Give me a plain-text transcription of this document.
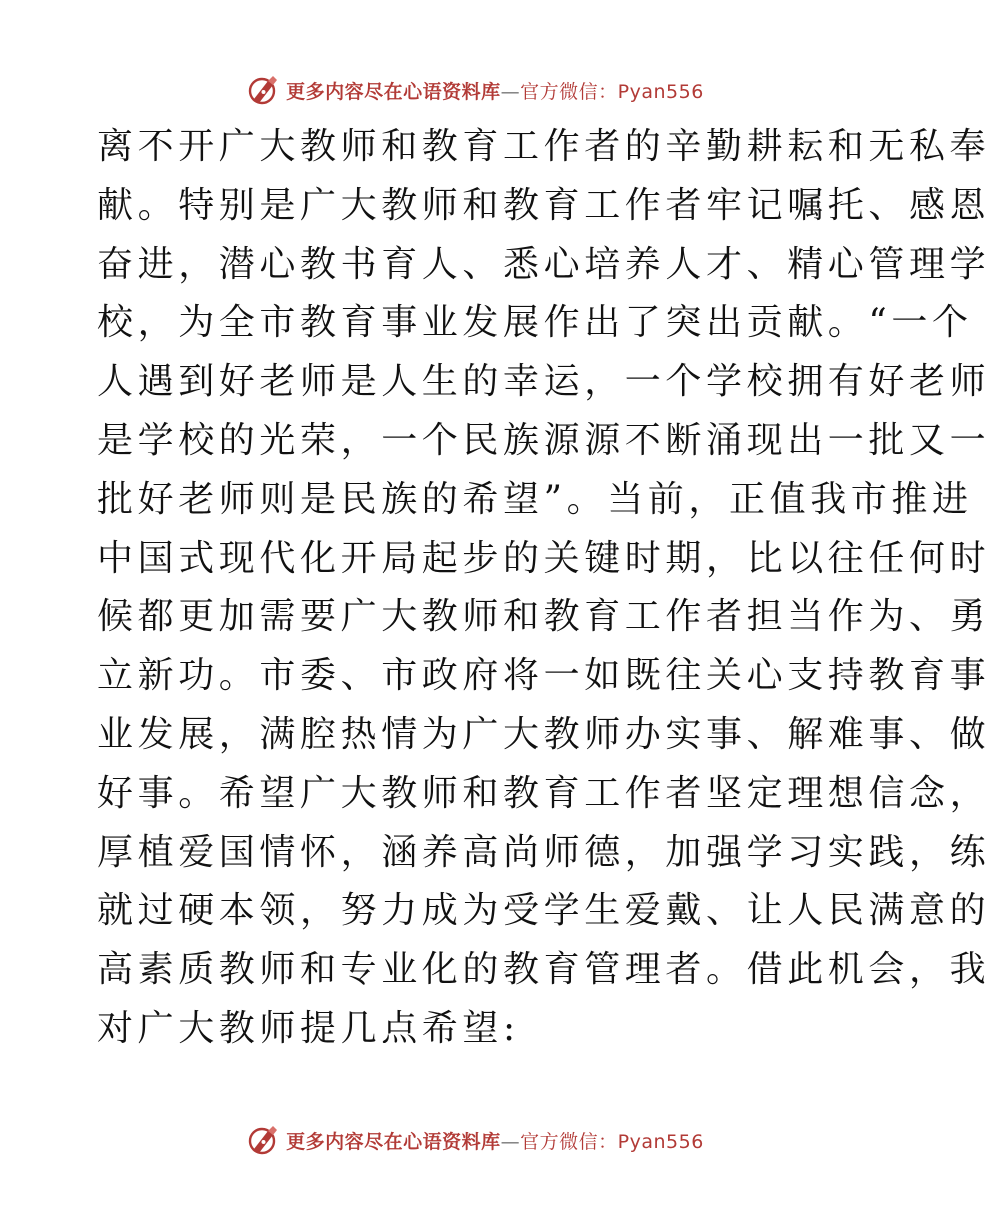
更多内容尽在心语资料库—官方微信：Pyan556
离不开广大教师和教育工作者的辛勤耕耘和无私奉
献。特别是广大教师和教育工作者牢记嘱托、感恩
奋进，潜心教书育人、悉心培养人才、精心管理学
校，为全市教育事业发展作出了突出贡献。“一个
人遇到好老师是人生的幸运，一个学校拥有好老师
是学校的光荣，一个民族源源不断涌现出一批又一
批好老师则是民族的希望”。当前，正值我市推进
中国式现代化开局起步的关键时期，比以往任何时
候都更加需要广大教师和教育工作者担当作为、勇
立新功。市委、市政府将一如既往关心支持教育事
业发展，满腔热情为广大教师办实事、解难事、做
好事。希望广大教师和教育工作者坚定理想信念，
厚植爱国情怀，涵养高尚师德，加强学习实践，练
就过硬本领，努力成为受学生爱戴、让人民满意的
高素质教师和专业化的教育管理者。借此机会，我
对广大教师提几点希望:
更多内容尽在心语资料库—官方微信：Pyan556
